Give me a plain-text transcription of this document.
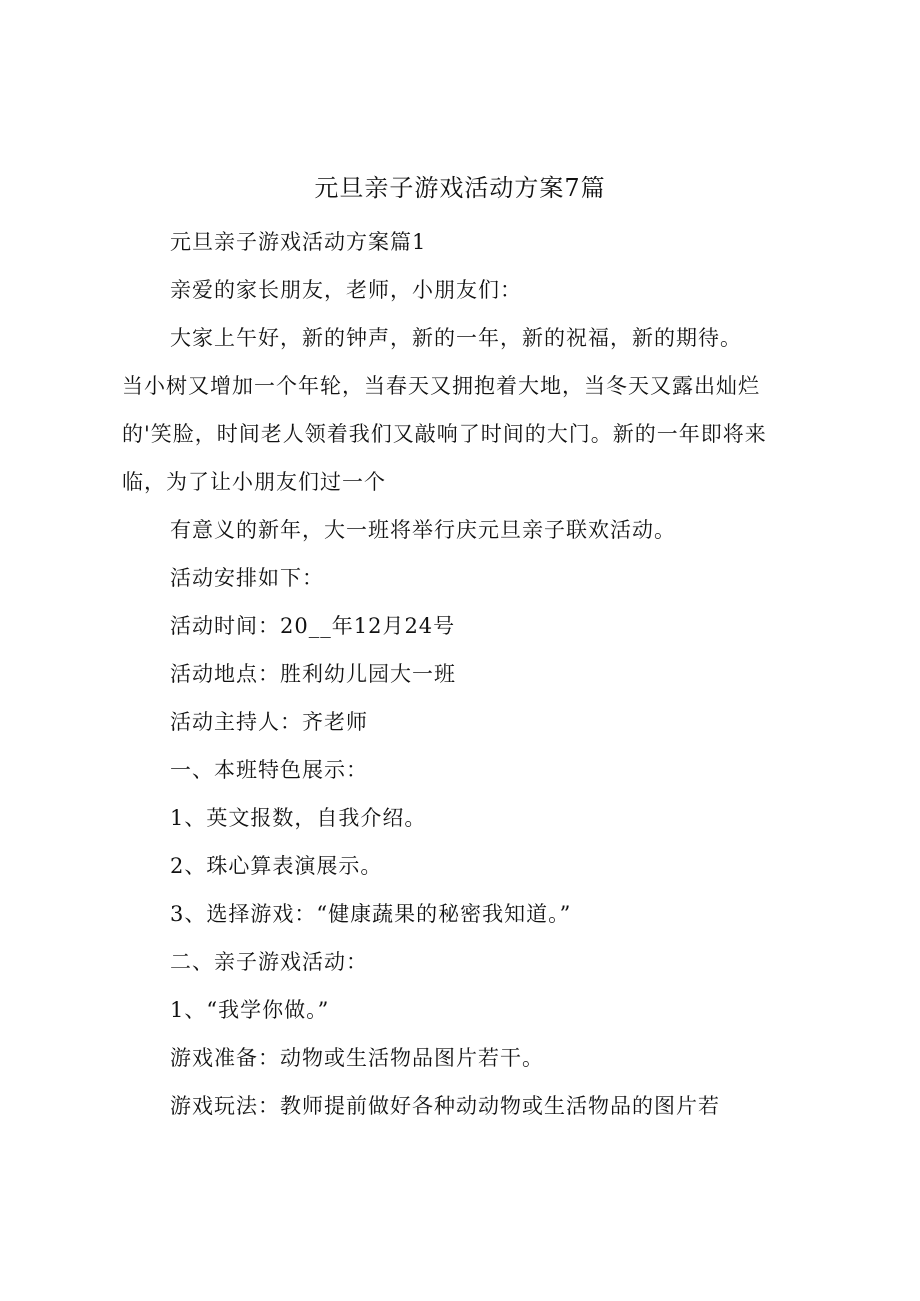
元旦亲子游戏活动方案7篇

元旦亲子游戏活动方案篇1

亲爱的家长朋友，老师，小朋友们：

大家上午好，新的钟声，新的一年，新的祝福，新的期待。

当小树又增加一个年轮，当春天又拥抱着大地，当冬天又露出灿烂

的'笑脸，时间老人领着我们又敲响了时间的大门。新的一年即将来

临，为了让小朋友们过一个

有意义的新年，大一班将举行庆元旦亲子联欢活动。

活动安排如下：

活动时间：20__年12月24号

活动地点：胜利幼儿园大一班

活动主持人：齐老师

一、本班特色展示：

1、英文报数，自我介绍。

2、珠心算表演展示。

3、选择游戏：“健康蔬果的秘密我知道。”

二、亲子游戏活动：

1、“我学你做。”

游戏准备：动物或生活物品图片若干。

游戏玩法：教师提前做好各种动动物或生活物品的图片若
